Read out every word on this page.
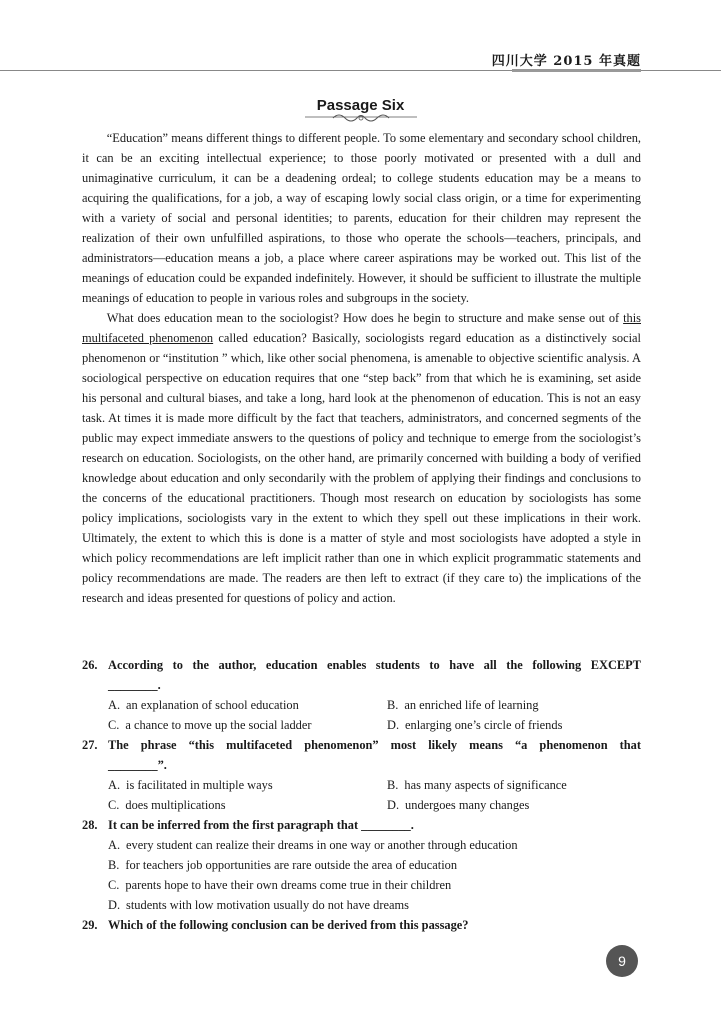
四川大学 2015 年真题
Passage Six

“Education” means different things to different people. To some elementary and secondary school children, it can be an exciting intellectual experience; to those poorly motivated or presented with a dull and unimaginative curriculum, it can be a deadening ordeal; to college students education may be a means to acquiring the qualifications, for a job, a way of escaping lowly social class origin, or a time for experimenting with a variety of social and personal identities; to parents, education for their children may represent the realization of their own unfulfilled aspirations, to those who operate the schools—teachers, principals, and administrators—education means a job, a place where career aspirations may be worked out. This list of the meanings of education could be expanded indefinitely. However, it should be sufficient to illustrate the multiple meanings of education to people in various roles and subgroups in the society.

What does education mean to the sociologist? How does he begin to structure and make sense out of this multifaceted phenomenon called education? Basically, sociologists regard education as a distinctively social phenomenon or “institution ” which, like other social phenomena, is amenable to objective scientific analysis. A sociological perspective on education requires that one “step back” from that which he is examining, set aside his personal and cultural biases, and take a long, hard look at the phenomenon of education. This is not an easy task. At times it is made more difficult by the fact that teachers, administrators, and concerned segments of the public may expect immediate answers to the questions of policy and technique to emerge from the sociologist’s research on education. Sociologists, on the other hand, are primarily concerned with building a body of verified knowledge about education and only secondarily with the problem of applying their findings and conclusions to the concerns of the educational practitioners. Though most research on education by sociologists has some policy implications, sociologists vary in the extent to which they spell out these implications in their work. Ultimately, the extent to which this is done is a matter of style and most sociologists have adopted a style in which policy recommendations are left implicit rather than one in which explicit programmatic statements and policy recommendations are made. The readers are then left to extract (if they care to) the implications of the research and ideas presented for questions of policy and action.

26. According to the author, education enables students to have all the following EXCEPT
________.
A. an explanation of school education	B. an enriched life of learning
C. a chance to move up the social ladder	D. enlarging one’s circle of friends
27. The phrase “this multifaceted phenomenon” most likely means “a phenomenon that
________”.
A. is facilitated in multiple ways	B. has many aspects of significance
C. does multiplications	D. undergoes many changes
28. It can be inferred from the first paragraph that ________.
A. every student can realize their dreams in one way or another through education
B. for teachers job opportunities are rare outside the area of education
C. parents hope to have their own dreams come true in their children
D. students with low motivation usually do not have dreams
29. Which of the following conclusion can be derived from this passage?
9
